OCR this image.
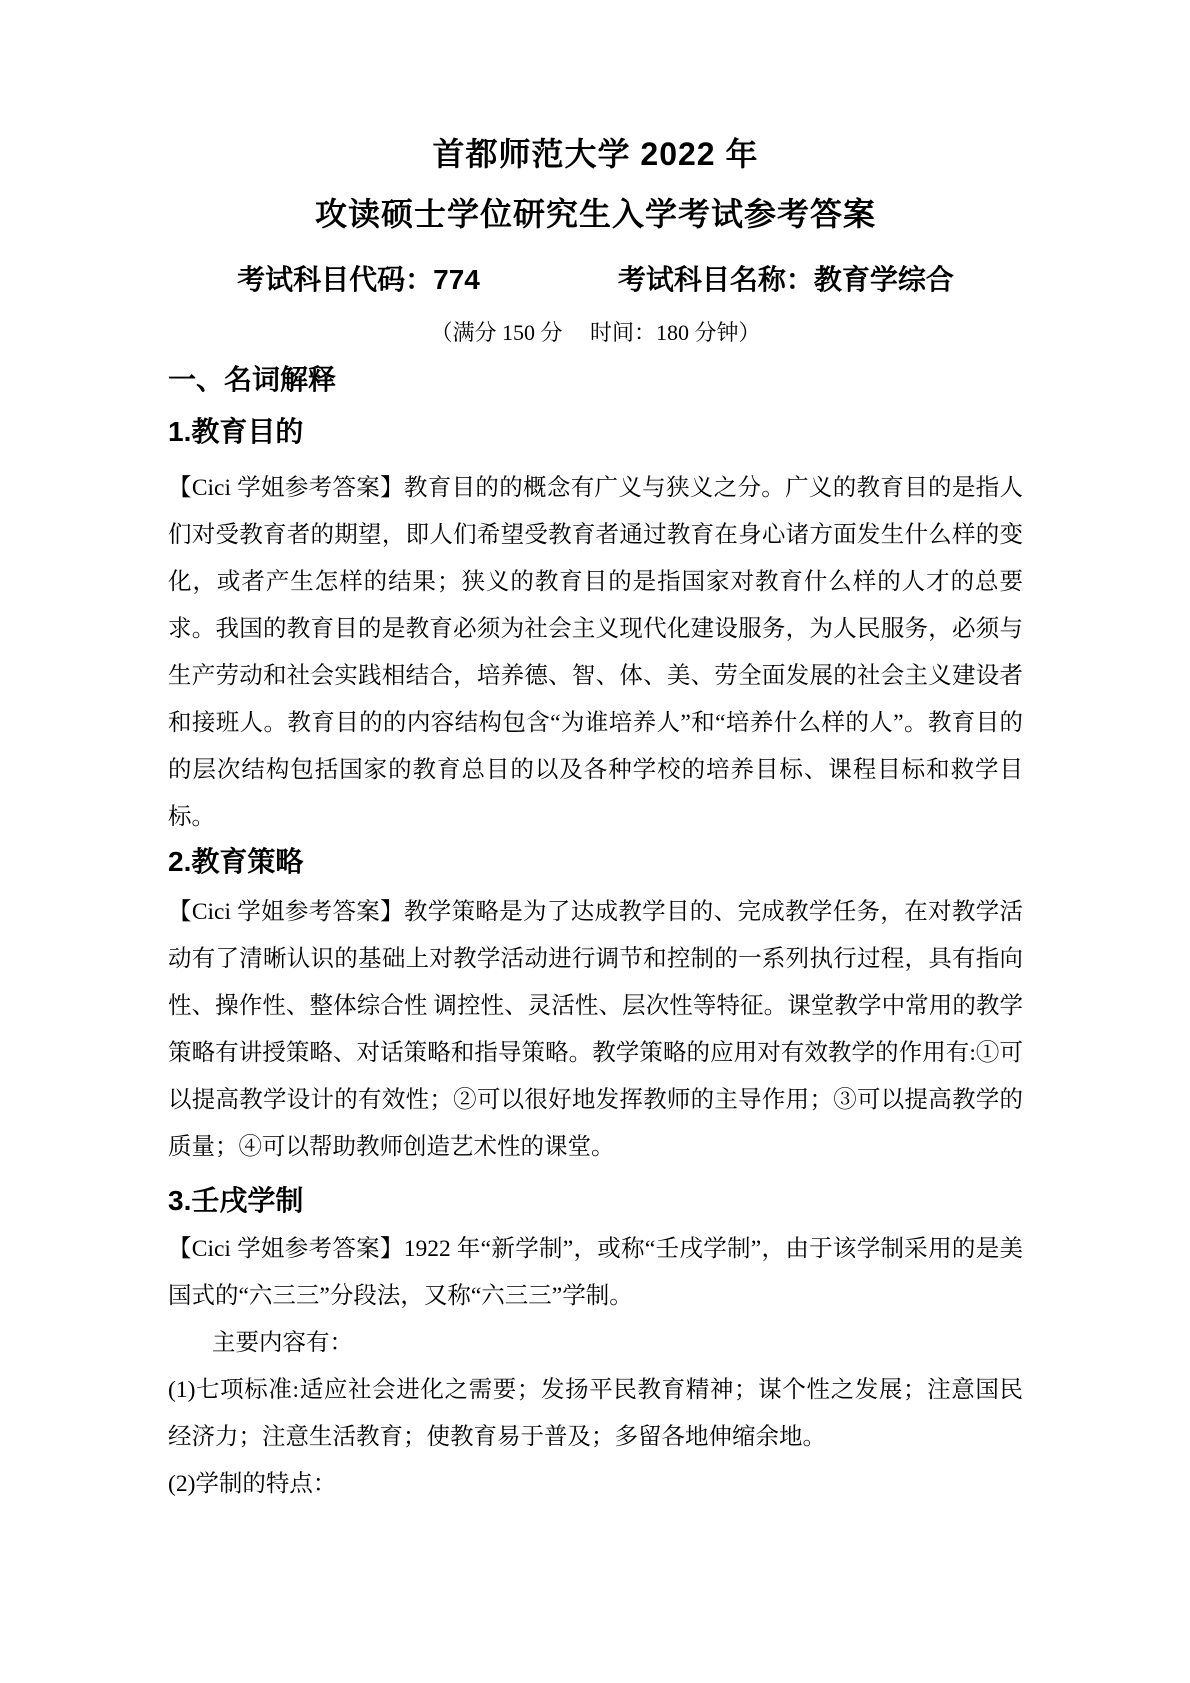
首都师范大学 2022 年
攻读硕士学位研究生入学考试参考答案
考试科目代码：774	考试科目名称：教育学综合
（满分 150 分　 时间：180 分钟）
一、名词解释
1.教育目的

【Cici 学姐参考答案】教育目的的概念有广义与狭义之分。广义的教育目的是指人们对受教育者的期望，即人们希望受教育者通过教育在身心诸方面发生什么样的变化，或者产生怎样的结果；狭义的教育目的是指国家对教育什么样的人才的总要求。我国的教育目的是教育必须为社会主义现代化建设服务，为人民服务，必须与生产劳动和社会实践相结合，培养德、智、体、美、劳全面发展的社会主义建设者和接班人。教育目的的内容结构包含“为谁培养人”和“培养什么样的人”。教育目的的层次结构包括国家的教育总目的以及各种学校的培养目标、课程目标和救学目标。

2.教育策略

【Cici 学姐参考答案】教学策略是为了达成教学目的、完成教学任务，在对教学活动有了清晰认识的基础上对教学活动进行调节和控制的一系列执行过程，具有指向性、操作性、整体综合性 调控性、灵活性、层次性等特征。课堂教学中常用的教学策略有讲授策略、对话策略和指导策略。教学策略的应用对有效教学的作用有:①可以提高教学设计的有效性；②可以很好地发挥教师的主导作用；③可以提高教学的质量；④可以帮助教师创造艺术性的课堂。

3.壬戌学制

【Cici 学姐参考答案】1922 年“新学制”，或称“壬戌学制”，由于该学制采用的是美国式的“六三三”分段法，又称“六三三”学制。

主要内容有：

(1)七项标准:适应社会进化之需要；发扬平民教育精神；谋个性之发展；注意国民经济力；注意生活教育；使教育易于普及；多留各地伸缩余地。

(2)学制的特点：
